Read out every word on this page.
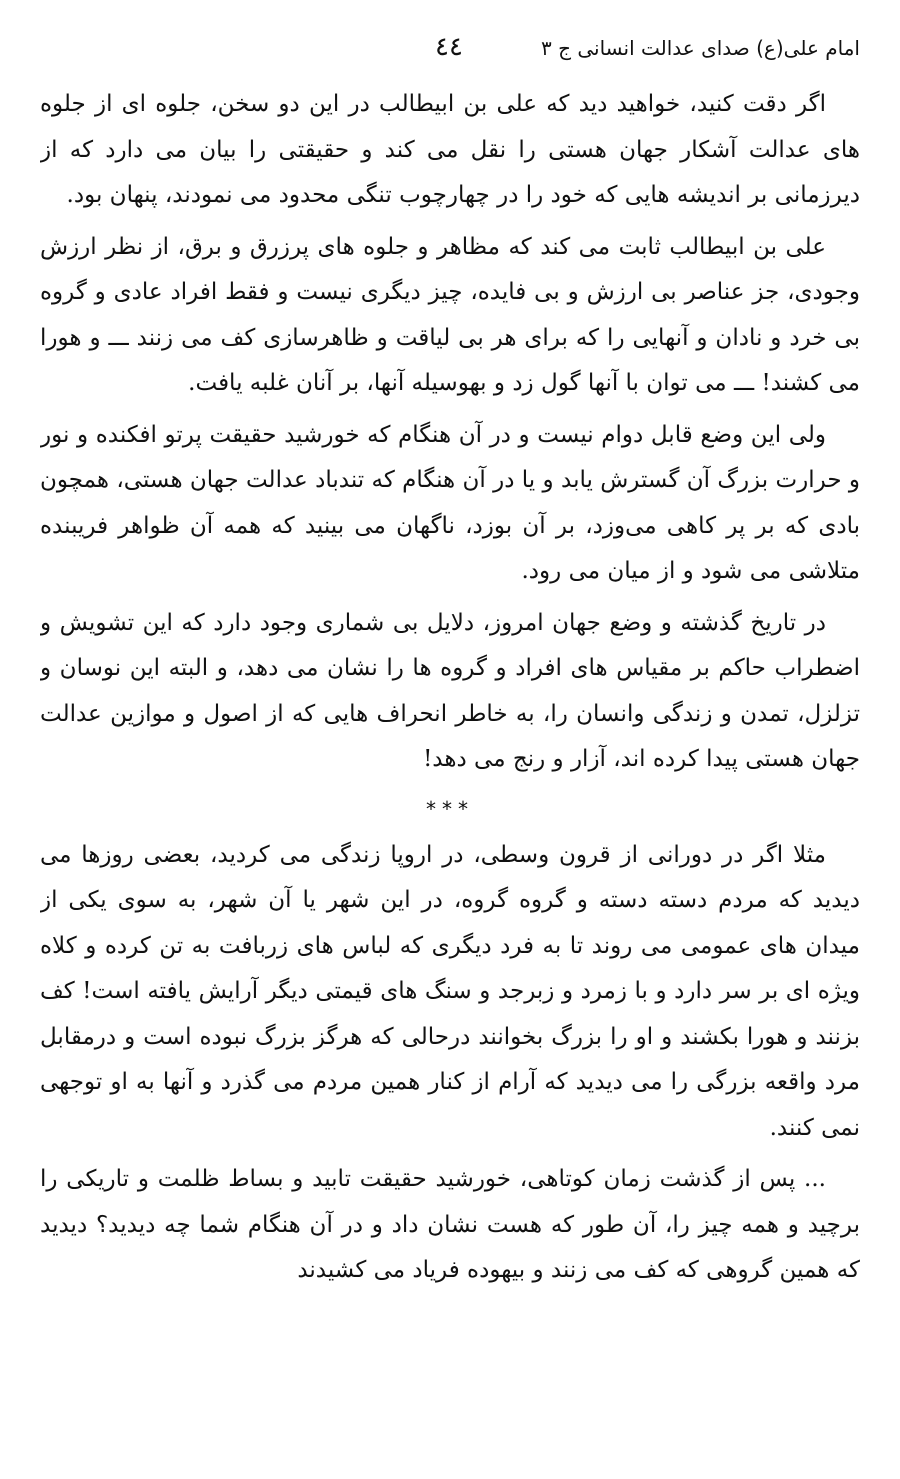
امام علی(ع) صدای عدالت انسانی ج ۳
٤٤

اگر دقت کنید، خواهید دید که علی بن ابیطالب در این دو سخن، جلوه ای از جلوه های عدالت آشکار جهان هستی را نقل می کند و حقیقتی را بیان می دارد که از دیرزمانی بر اندیشه هایی که خود را در چهارچوب تنگی محدود می نمودند، پنهان بود.

علی بن ابیطالب ثابت می کند که مظاهر و جلوه های پرزرق و برق، از نظر ارزش وجودی، جز عناصر بی ارزش و بی فایده، چیز دیگری نیست و فقط افراد عادی و گروه بی خرد و نادان و آنهایی را که برای هر بی لیاقت و ظاهرسازی کف می زنند ـــ و هورا می کشند! ـــ می توان با آنها گول زد و بهوسیله آنها، بر آنان غلبه یافت.

ولی این وضع قابل دوام نیست و در آن هنگام که خورشید حقیقت پرتو افکنده و نور و حرارت بزرگ آن گسترش یابد و یا در آن هنگام که تندباد عدالت جهان هستی، همچون بادی که بر پر کاهی می‌وزد، بر آن بوزد، ناگهان می بینید که همه آن ظواهر فریبنده متلاشی می شود و از میان می رود.

در تاریخ گذشته و وضع جهان امروز، دلایل بی شماری وجود دارد که این تشویش و اضطراب حاکم بر مقیاس های افراد و گروه ها را نشان می دهد، و البته این نوسان و تزلزل، تمدن و زندگی وانسان را، به خاطر انحراف هایی که از اصول و موازین عدالت جهان هستی پیدا کرده اند، آزار و رنج می دهد!

***

مثلا اگر در دورانی از قرون وسطی، در اروپا زندگی می کردید، بعضی روزها می دیدید که مردم دسته دسته و گروه گروه، در این شهر یا آن شهر، به سوی یکی از میدان های عمومی می روند تا به فرد دیگری که لباس های زربافت به تن کرده و کلاه ویژه ای بر سر دارد و با زمرد و زبرجد و سنگ های قیمتی دیگر آرایش یافته است! کف بزنند و هورا بکشند و او را بزرگ بخوانند درحالی که هرگز بزرگ نبوده است و درمقابل مرد واقعه بزرگی را می دیدید که آرام از کنار همین مردم می گذرد و آنها به او توجهی نمی کنند.

... پس از گذشت زمان کوتاهی، خورشید حقیقت تابید و بساط ظلمت و تاریکی را برچید و همه چیز را، آن طور که هست نشان داد و در آن هنگام شما چه دیدید؟ دیدید که همین گروهی که کف می زنند و بیهوده فریاد می کشیدند
